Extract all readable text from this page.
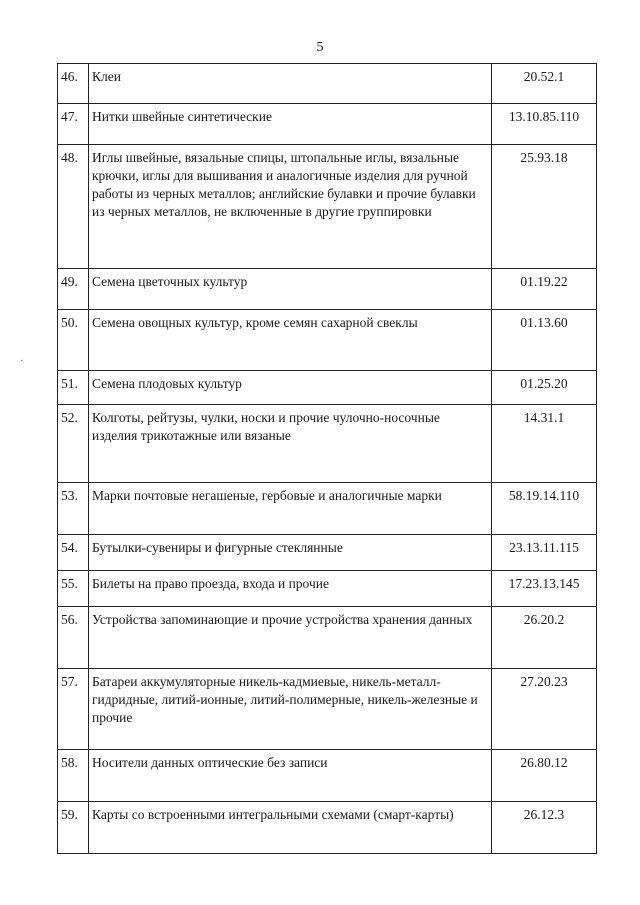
5
46.	Клеи	20.52.1
47.	Нитки швейные синтетические	13.10.85.110
48.	Иглы швейные, вязальные спицы, штопальные иглы, вязальные крючки, иглы для вышивания и аналогичные изделия для ручной работы из черных металлов; английские булавки и прочие булавки из черных металлов, не включенные в другие группировки	25.93.18
49.	Семена цветочных культур	01.19.22
50.	Семена овощных культур, кроме семян сахарной свеклы	01.13.60
51.	Семена плодовых культур	01.25.20
52.	Колготы, рейтузы, чулки, носки и прочие чулочно-носочные изделия трикотажные или вязаные	14.31.1
53.	Марки почтовые негашеные, гербовые и аналогичные марки	58.19.14.110
54.	Бутылки-сувениры и фигурные стеклянные	23.13.11.115
55.	Билеты на право проезда, входа и прочие	17.23.13.145
56.	Устройства запоминающие и прочие устройства хранения данных	26.20.2
57.	Батареи аккумуляторные никель-кадмиевые, никель-металл-гидридные, литий-ионные, литий-полимерные, никель-железные и прочие	27.20.23
58.	Носители данных оптические без записи	26.80.12
59.	Карты со встроенными интегральными схемами (смарт-карты)	26.12.3
·
